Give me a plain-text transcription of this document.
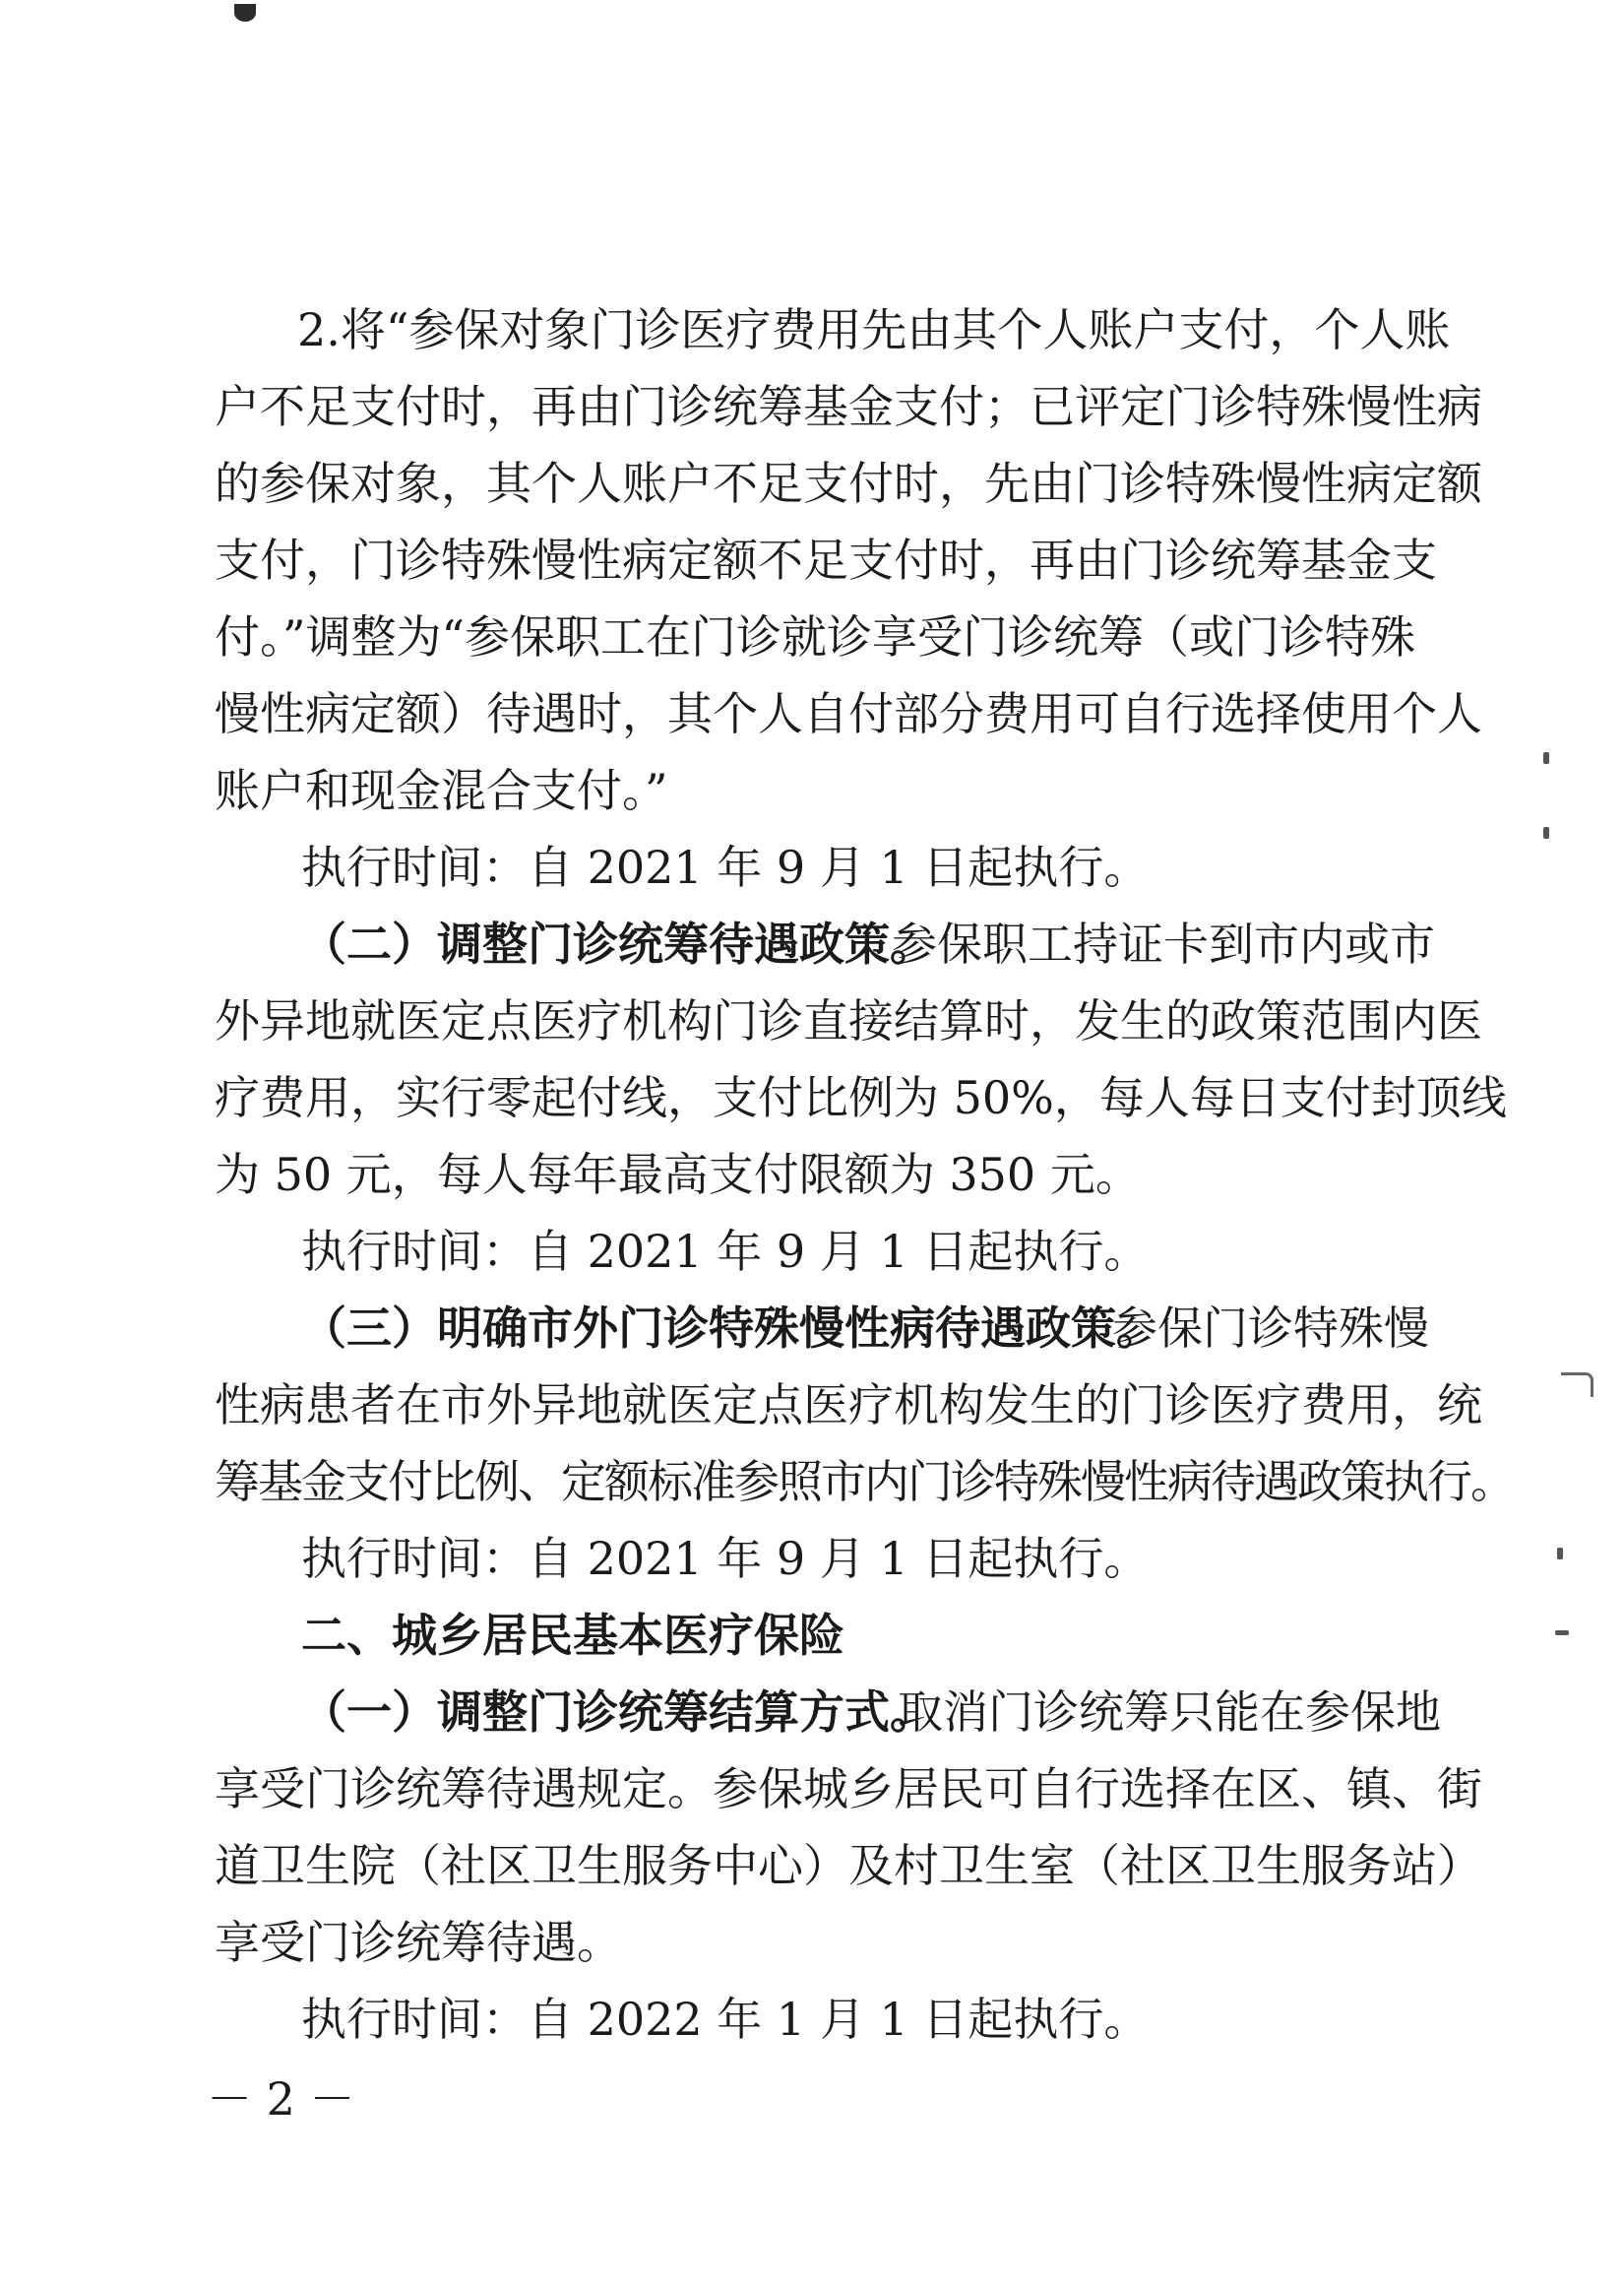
2.将“参保对象门诊医疗费用先由其个人账户支付，个人账
户不足支付时，再由门诊统筹基金支付；已评定门诊特殊慢性病
的参保对象，其个人账户不足支付时，先由门诊特殊慢性病定额
支付，门诊特殊慢性病定额不足支付时，再由门诊统筹基金支
付。”调整为“参保职工在门诊就诊享受门诊统筹（或门诊特殊
慢性病定额）待遇时，其个人自付部分费用可自行选择使用个人
账户和现金混合支付。”
执行时间：自 2021 年 9 月 1 日起执行。
（二）调整门诊统筹待遇政策。
参保职工持证卡到市内或市
外异地就医定点医疗机构门诊直接结算时，发生的政策范围内医
疗费用，实行零起付线，支付比例为 50%，每人每日支付封顶线
为 50 元，每人每年最高支付限额为 350 元。
执行时间：自 2021 年 9 月 1 日起执行。
（三）明确市外门诊特殊慢性病待遇政策。
参保门诊特殊慢
性病患者在市外异地就医定点医疗机构发生的门诊医疗费用，统
筹基金支付比例、定额标准参照市内门诊特殊慢性病待遇政策执行。
执行时间：自 2021 年 9 月 1 日起执行。
二、城乡居民基本医疗保险
（一）调整门诊统筹结算方式。
取消门诊统筹只能在参保地
享受门诊统筹待遇规定。参保城乡居民可自行选择在区、镇、街
道卫生院（社区卫生服务中心）及村卫生室（社区卫生服务站）
享受门诊统筹待遇。
执行时间：自 2022 年 1 月 1 日起执行。
－ 2 －
